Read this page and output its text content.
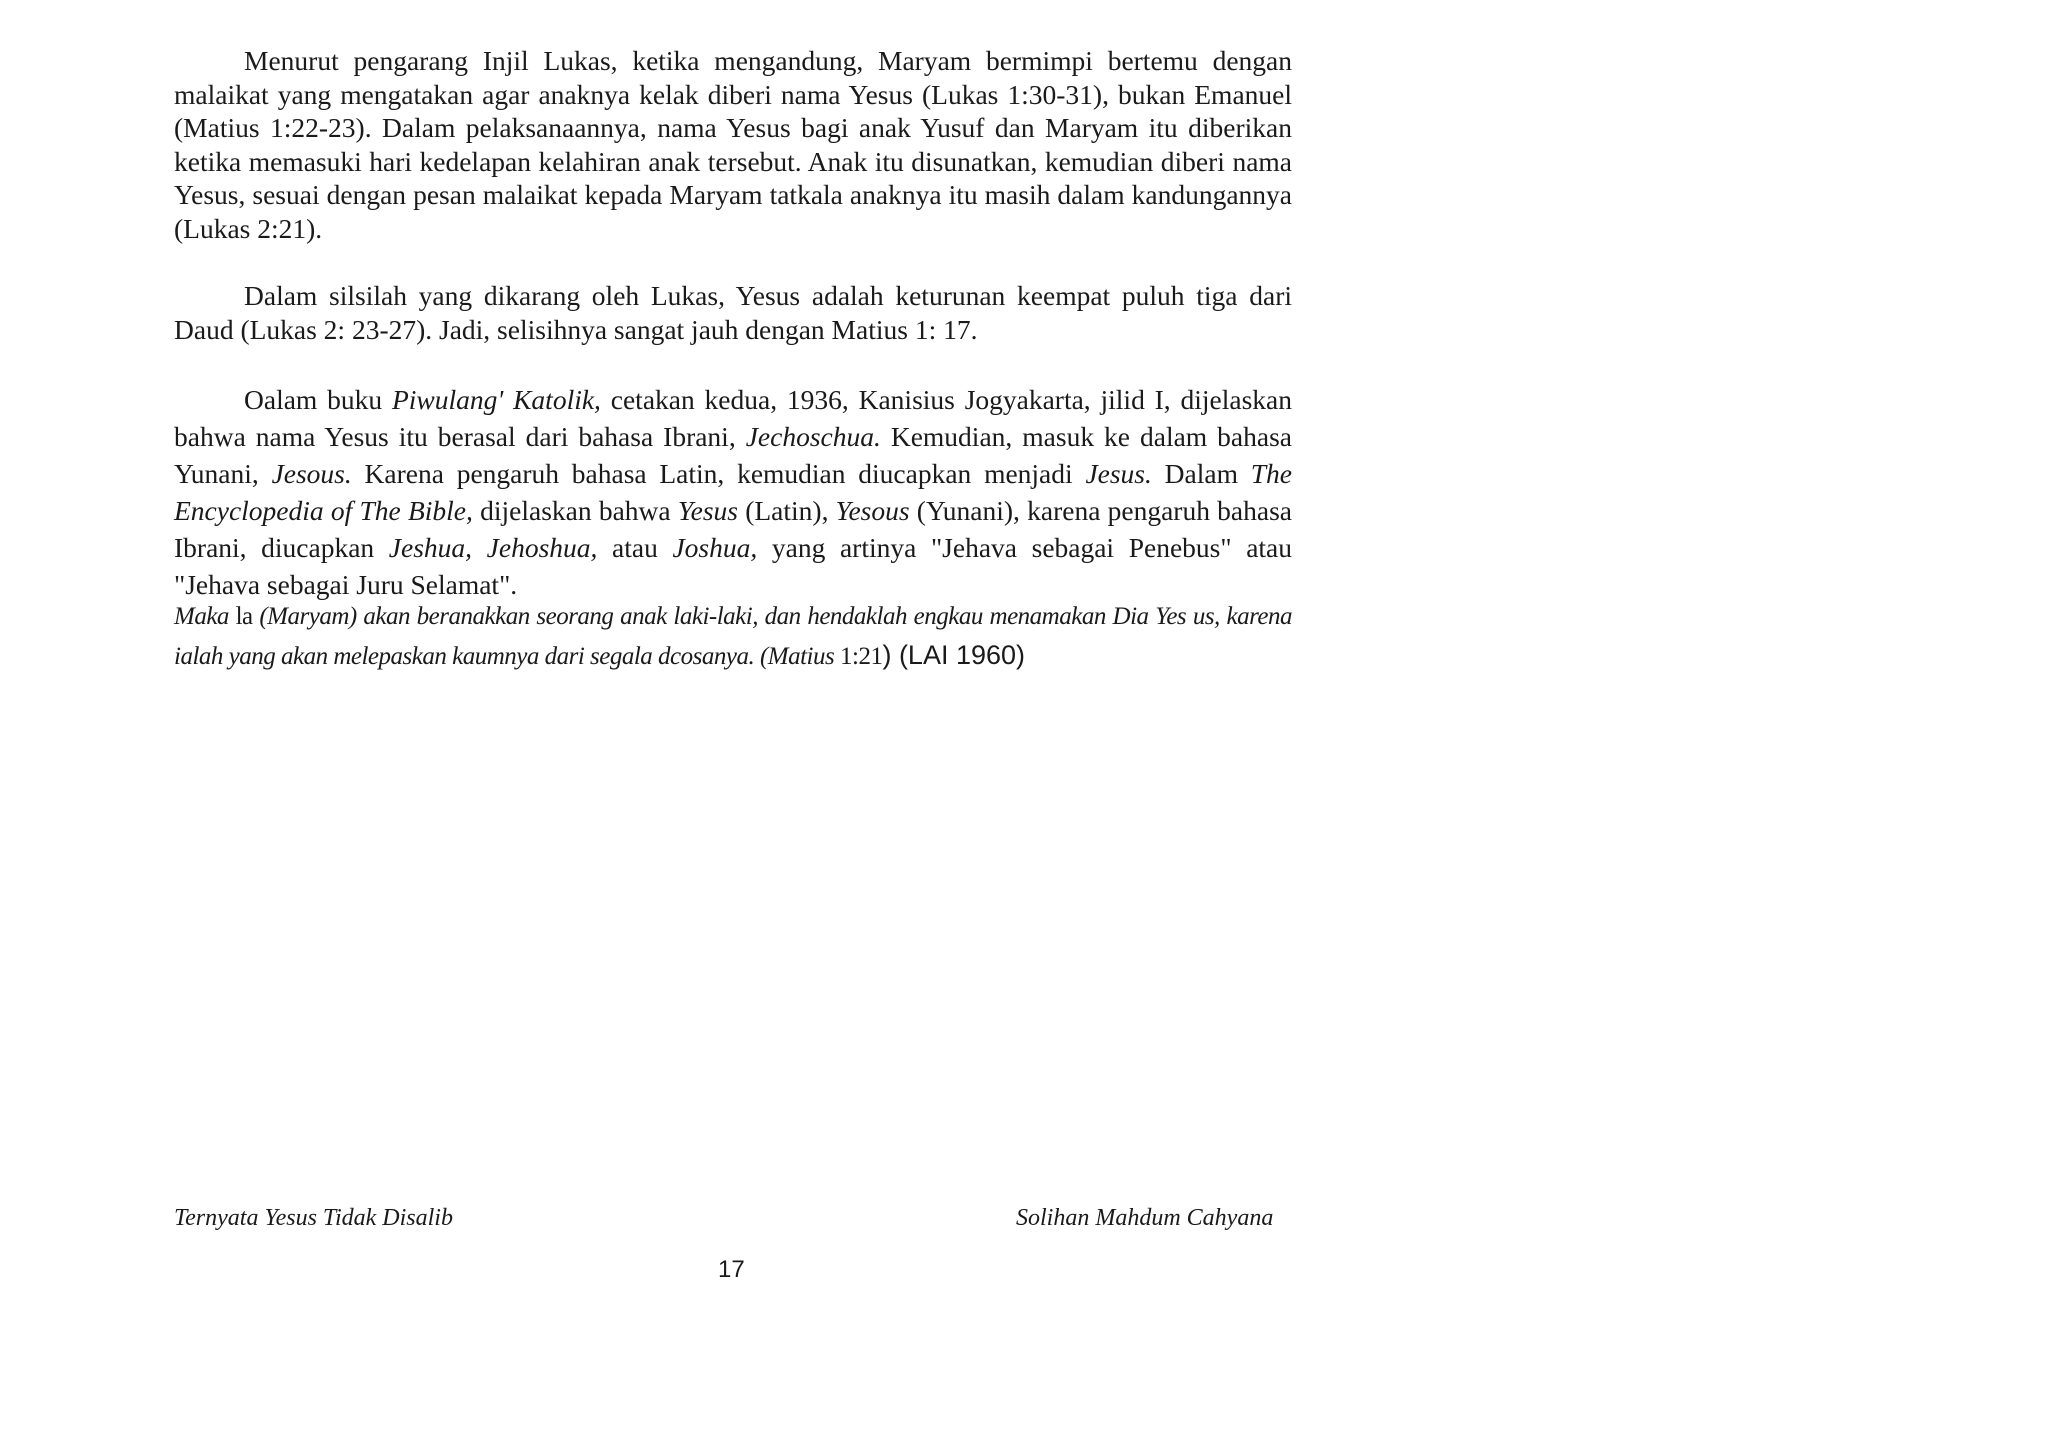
Menurut pengarang Injil Lukas, ketika mengandung, Maryam bermimpi bertemu dengan malaikat yang mengatakan agar anaknya kelak diberi nama Yesus (Lukas 1:30-31), bukan Emanuel (Matius 1:22-23). Dalam pelaksanaannya, nama Yesus bagi anak Yusuf dan Maryam itu diberikan ketika memasuki hari kedelapan kelahiran anak tersebut. Anak itu disunatkan, kemudian diberi nama Yesus, sesuai dengan pesan malaikat kepada Maryam tatkala anaknya itu masih dalam kandungannya (Lukas 2:21).

Dalam silsilah yang dikarang oleh Lukas, Yesus adalah keturunan keempat puluh tiga dari Daud (Lukas 2: 23-27). Jadi, selisihnya sangat jauh dengan Matius 1: 17.

Oalam buku Piwulang' Katolik, cetakan kedua, 1936, Kanisius Jogyakarta, jilid I, dijelaskan bahwa nama Yesus itu berasal dari bahasa Ibrani, Jechoschua. Kemudian, masuk ke dalam bahasa Yunani, Jesous. Karena pengaruh bahasa Latin, kemudian diucapkan menjadi Jesus. Dalam The Encyclopedia of The Bible, dijelaskan bahwa Yesus (Latin), Yesous (Yunani), karena pengaruh bahasa Ibrani, diucapkan Jeshua, Jehoshua, atau Joshua, yang artinya "Jehava sebagai Penebus" atau "Jehava sebagai Juru Selamat".

Maka la (Maryam) akan beranakkan seorang anak laki-laki, dan hendaklah engkau menamakan Dia Yes us, karena ialah yang akan melepaskan kaumnya dari segala dcosanya. (Matius 1:21) (LAI 1960)

Ternyata Yesus Tidak Disalib	Solihan Mahdum Cahyana
17
